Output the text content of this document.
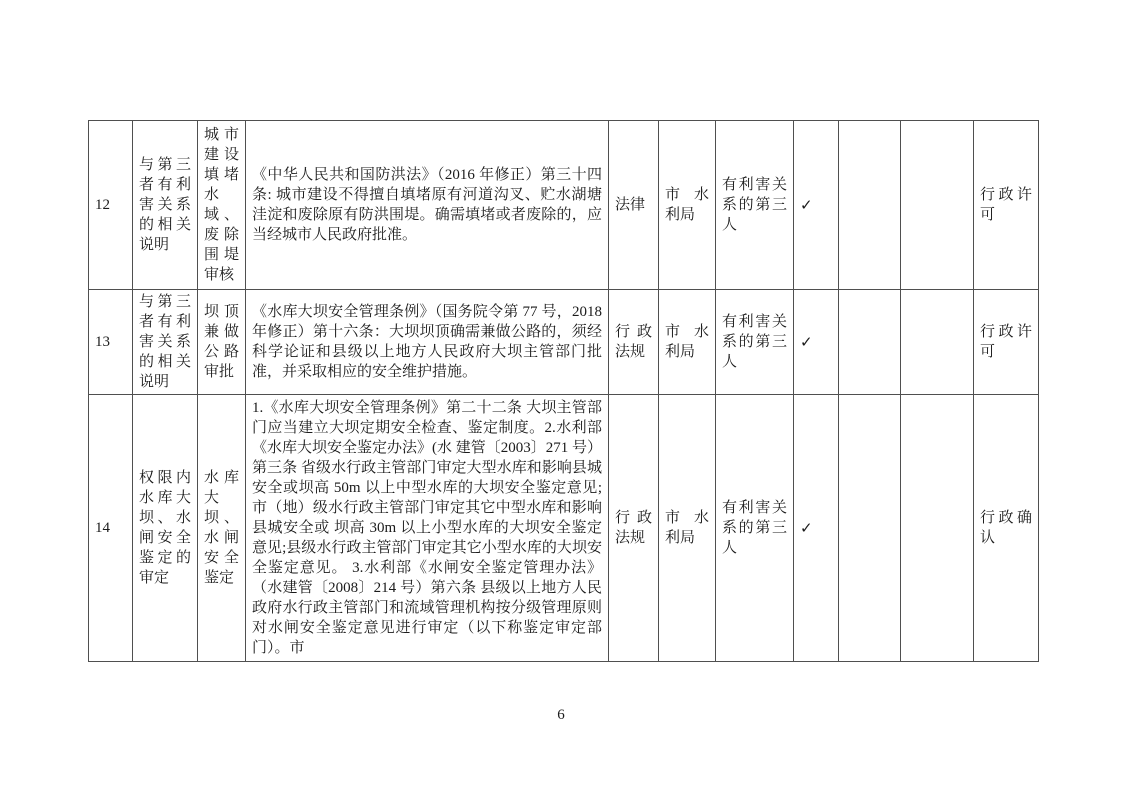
12	与第三者有利害关系的相关说明	城市建设填堵水域、废除围堤审核	《中华人民共和国防洪法》（2016 年修正）第三十四条: 城市建设不得擅自填堵原有河道沟叉、贮水湖塘洼淀和废除原有防洪围堤。确需填堵或者废除的，应当经城市人民政府批准。	法律	市水利局	有利害关系的第三人	✓			行政许可
13	与第三者有利害关系的相关说明	坝顶兼做公路审批	《水库大坝安全管理条例》（国务院令第 77 号，2018 年修正）第十六条：大坝坝顶确需兼做公路的，须经科学论证和县级以上地方人民政府大坝主管部门批准，并采取相应的安全维护措施。	行政法规	市水利局	有利害关系的第三人	✓			行政许可
14	权限内水库大坝、水闸安全鉴定的审定	水库大坝、水闸安全鉴定	1.《水库大坝安全管理条例》第二十二条 大坝主管部门应当建立大坝定期安全检查、鉴定制度。2.水利部《水库大坝安全鉴定办法》(水 建管〔2003〕271 号）第三条 省级水行政主管部门审定大型水库和影响县城安全或坝高 50m 以上中型水库的大坝安全鉴定意见; 市（地）级水行政主管部门审定其它中型水库和影响县城安全或 坝高 30m 以上小型水库的大坝安全鉴定意见;县级水行政主管部门审定其它小型水库的大坝安全鉴定意见。 3.水利部《水闸安全鉴定管理办法》 （水建管〔2008〕214 号）第六条 县级以上地方人民政府水行政主管部门和流域管理机构按分级管理原则对水闸安全鉴定意见进行审定（以下称鉴定审定部门）。市	行政法规	市水利局	有利害关系的第三人	✓			行政确认
6
